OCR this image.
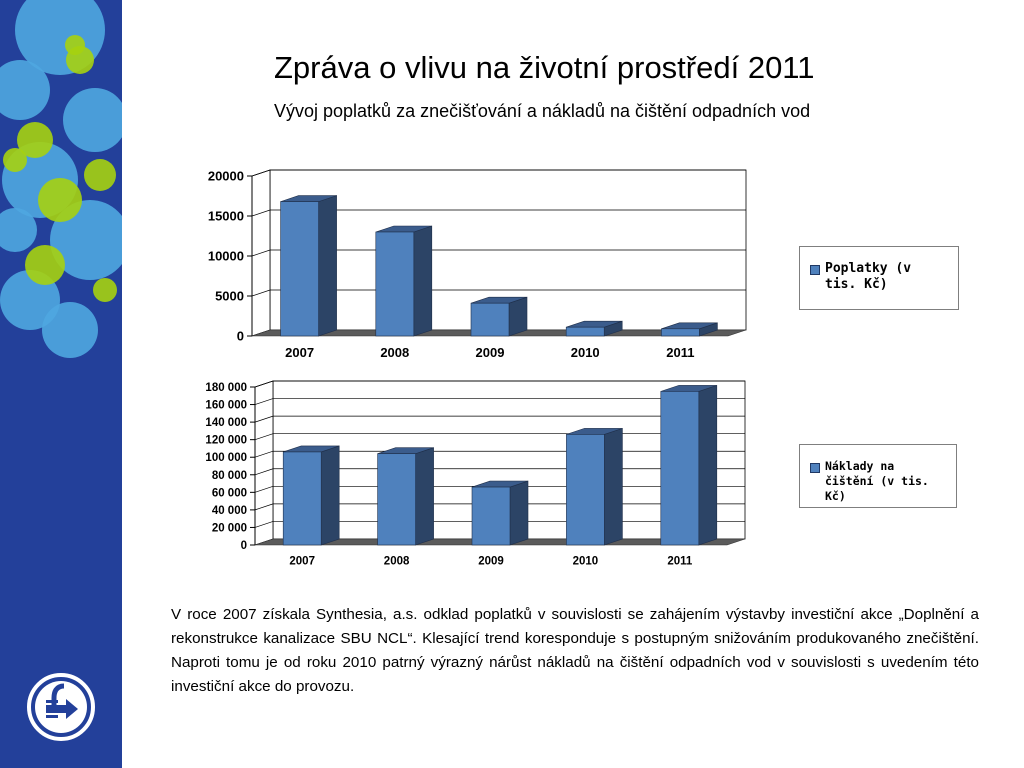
Zpráva o vlivu na životní prostředí 2011
Vývoj poplatků za znečišťování a nákladů na čištění odpadních vod
0
5000
10000
15000
20000
2007	2008	2009	2010	2011
Poplatky (v tis. Kč)
0
20 000
40 000
60 000
80 000
100 000
120 000
140 000
160 000
180 000
2007	2008	2009	2010	2011
Náklady na čištění (v tis. Kč)

V roce 2007 získala Synthesia, a.s. odklad poplatků v souvislosti se zahájením výstavby investiční akce „Doplnění a rekonstrukce kanalizace SBU NCL“. Klesající trend koresponduje s postupným snižováním produkovaného znečištění. Naproti tomu je od roku 2010 patrný výrazný nárůst nákladů na čištění odpadních vod v souvislosti s uvedením této investiční akce do provozu.
